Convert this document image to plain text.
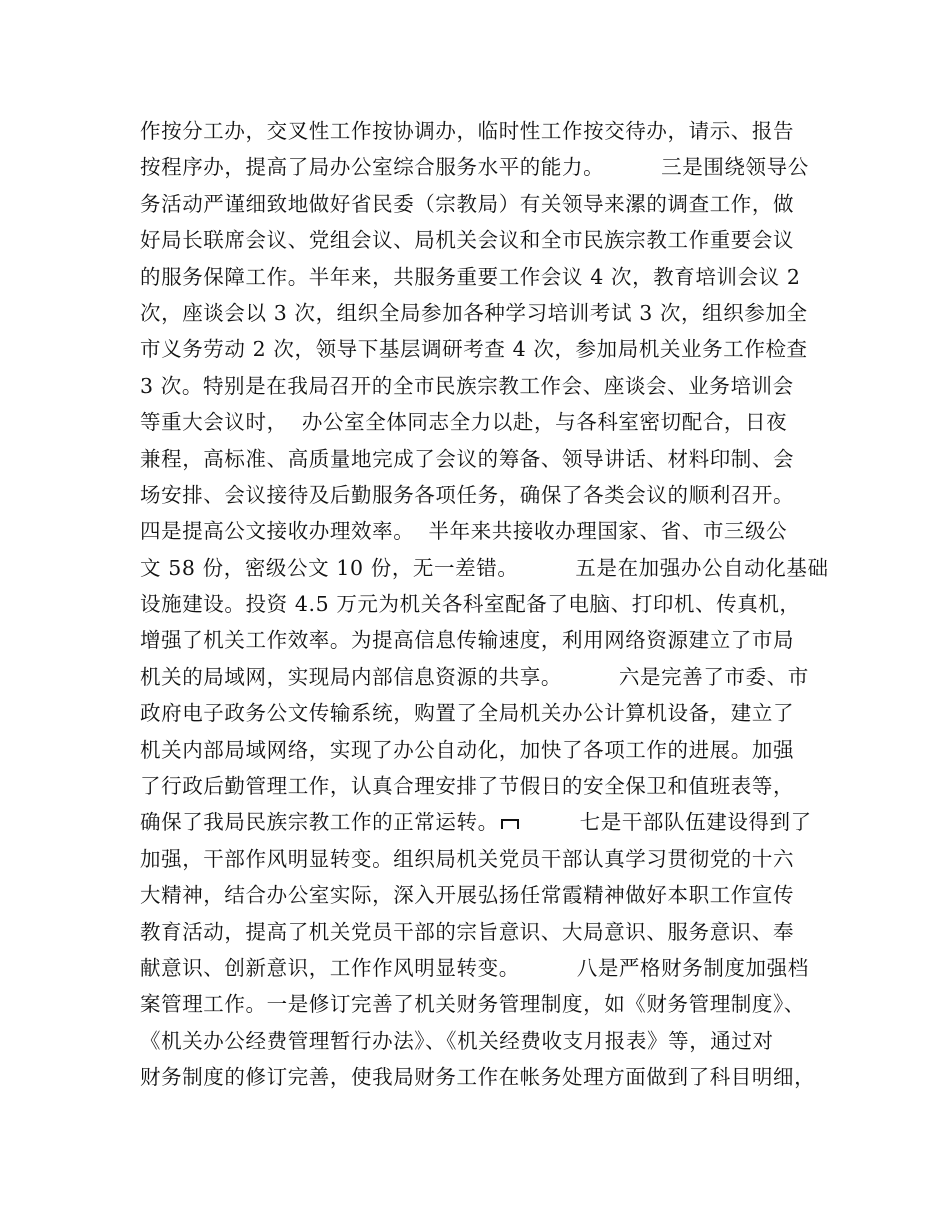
作按分工办，交叉性工作按协调办，临时性工作按交待办，请示、报告
按程序办，提高了局办公室综合服务水平的能力。        三是围绕领导公
务活动严谨细致地做好省民委（宗教局）有关领导来漯的调查工作，做
好局长联席会议、党组会议、局机关会议和全市民族宗教工作重要会议
的服务保障工作。半年来，共服务重要工作会议 4 次，教育培训会议 2
次，座谈会以 3 次，组织全局参加各种学习培训考试 3 次，组织参加全
市义务劳动 2 次，领导下基层调研考查 4 次，参加局机关业务工作检查
3 次。特别是在我局召开的全市民族宗教工作会、座谈会、业务培训会
等重大会议时，  办公室全体同志全力以赴，与各科室密切配合，日夜
兼程，高标准、高质量地完成了会议的筹备、领导讲话、材料印制、会
场安排、会议接待及后勤服务各项任务，确保了各类会议的顺利召开。
四是提高公文接收办理效率。  半年来共接收办理国家、省、市三级公
文 58 份，密级公文 10 份，无一差错。        五是在加强办公自动化基础
设施建设。投资 4.5 万元为机关各科室配备了电脑、打印机、传真机，
增强了机关工作效率。为提高信息传输速度，利用网络资源建立了市局
机关的局域网，实现局内部信息资源的共享。        六是完善了市委、市
政府电子政务公文传输系统，购置了全局机关办公计算机设备，建立了
机关内部局域网络，实现了办公自动化，加快了各项工作的进展。加强
了行政后勤管理工作，认真合理安排了节假日的安全保卫和值班表等，
确保了我局民族宗教工作的正常运转。        七是干部队伍建设得到了
加强，干部作风明显转变。组织局机关党员干部认真学习贯彻党的十六
大精神，结合办公室实际，深入开展弘扬任常霞精神做好本职工作宣传
教育活动，提高了机关党员干部的宗旨意识、大局意识、服务意识、奉
献意识、创新意识，工作作风明显转变。        八是严格财务制度加强档
案管理工作。一是修订完善了机关财务管理制度，如《财务管理制度》、
《机关办公经费管理暂行办法》、《机关经费收支月报表》等，通过对
财务制度的修订完善，使我局财务工作在帐务处理方面做到了科目明细，
